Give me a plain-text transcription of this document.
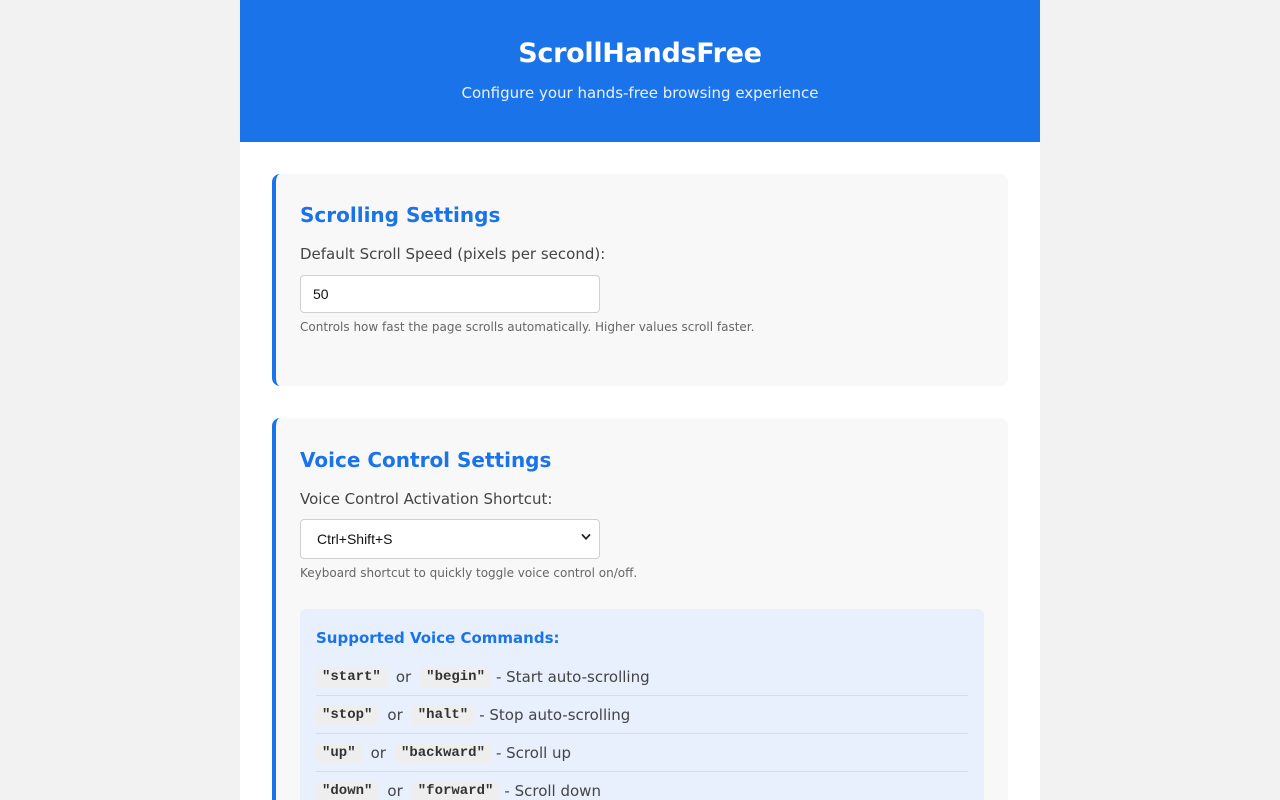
ScrollHandsFree

Configure your hands-free browsing experience

Scrolling Settings
Default Scroll Speed (pixels per second):
50
Controls how fast the page scrolls automatically. Higher values scroll faster.
Voice Control Settings
Voice Control Activation Shortcut:
Ctrl+Shift+S
Keyboard shortcut to quickly toggle voice control on/off.
Supported Voice Commands:
"start"	or	"begin" - Start auto-scrolling
"stop"	or	"halt" - Stop auto-scrolling
"up"	or	"backward" - Scroll up
"down"	or	"forward" - Scroll down
